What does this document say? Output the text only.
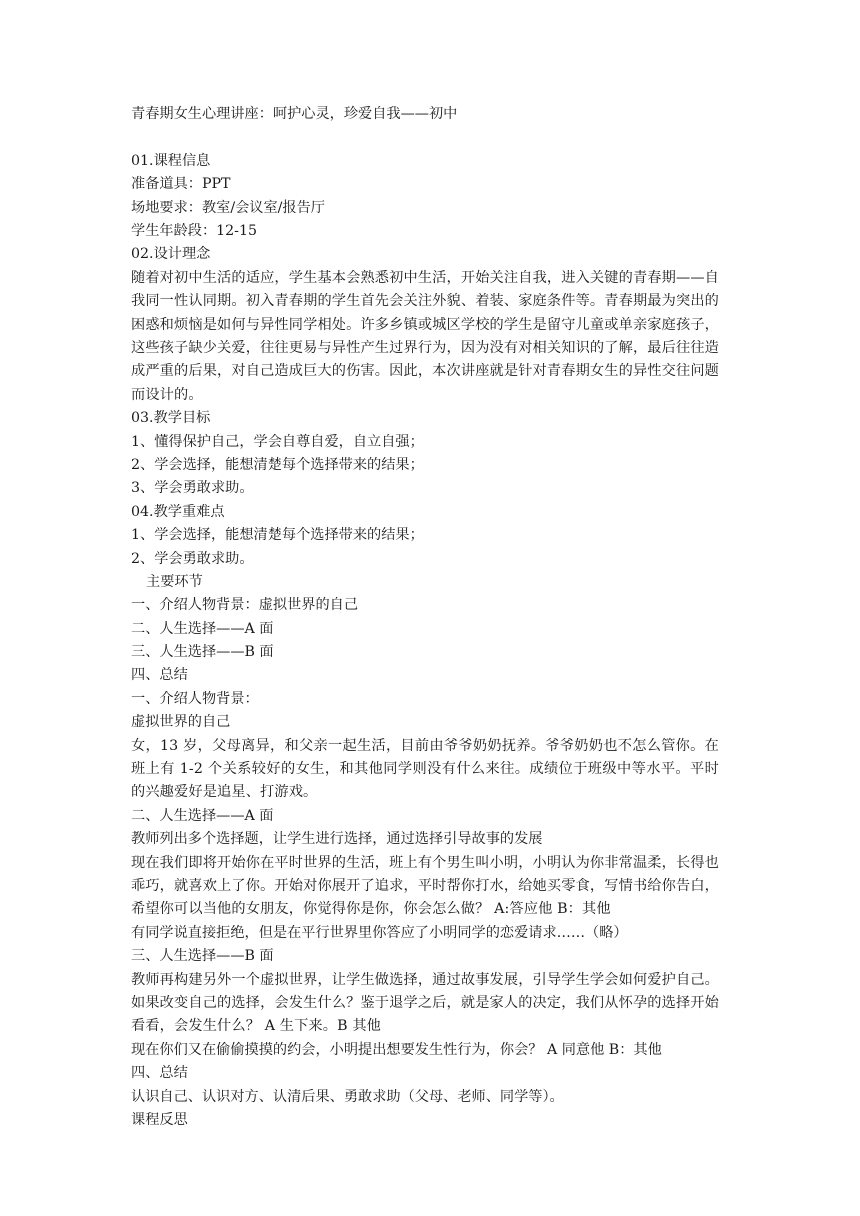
青春期女生心理讲座：呵护心灵，珍爱自我——初中
01.课程信息
准备道具：PPT
场地要求：教室/会议室/报告厅
学生年龄段：12-15
02.设计理念
随着对初中生活的适应，学生基本会熟悉初中生活，开始关注自我，进入关键的青春期——自我同一性认同期。初入青春期的学生首先会关注外貌、着装、家庭条件等。青春期最为突出的困惑和烦恼是如何与异性同学相处。许多乡镇或城区学校的学生是留守儿童或单亲家庭孩子，这些孩子缺少关爱，往往更易与异性产生过界行为，因为没有对相关知识的了解，最后往往造成严重的后果，对自己造成巨大的伤害。因此，本次讲座就是针对青春期女生的异性交往问题而设计的。
03.教学目标
1、懂得保护自己，学会自尊自爱，自立自强；
2、学会选择，能想清楚每个选择带来的结果；
3、学会勇敢求助。
04.教学重难点
1、学会选择，能想清楚每个选择带来的结果；
2、学会勇敢求助。
主要环节
一、介绍人物背景：虚拟世界的自己
二、人生选择——A 面
三、人生选择——B 面
四、总结
一、介绍人物背景：
虚拟世界的自己
女，13 岁，父母离异，和父亲一起生活，目前由爷爷奶奶抚养。爷爷奶奶也不怎么管你。在班上有 1-2 个关系较好的女生，和其他同学则没有什么来往。成绩位于班级中等水平。平时的兴趣爱好是追星、打游戏。
二、人生选择——A 面
教师列出多个选择题，让学生进行选择，通过选择引导故事的发展
现在我们即将开始你在平时世界的生活，班上有个男生叫小明，小明认为你非常温柔，长得也乖巧，就喜欢上了你。开始对你展开了追求，平时帮你打水，给她买零食，写情书给你告白，希望你可以当他的女朋友，你觉得你是你，你会怎么做？ A:答应他 B：其他
有同学说直接拒绝，但是在平行世界里你答应了小明同学的恋爱请求……（略）
三、人生选择——B 面
教师再构建另外一个虚拟世界，让学生做选择，通过故事发展，引导学生学会如何爱护自己。如果改变自己的选择，会发生什么？鉴于退学之后，就是家人的决定，我们从怀孕的选择开始看看，会发生什么？ A 生下来。B 其他
现在你们又在偷偷摸摸的约会，小明提出想要发生性行为，你会？ A 同意他 B：其他
四、总结
认识自己、认识对方、认清后果、勇敢求助（父母、老师、同学等）。
课程反思
